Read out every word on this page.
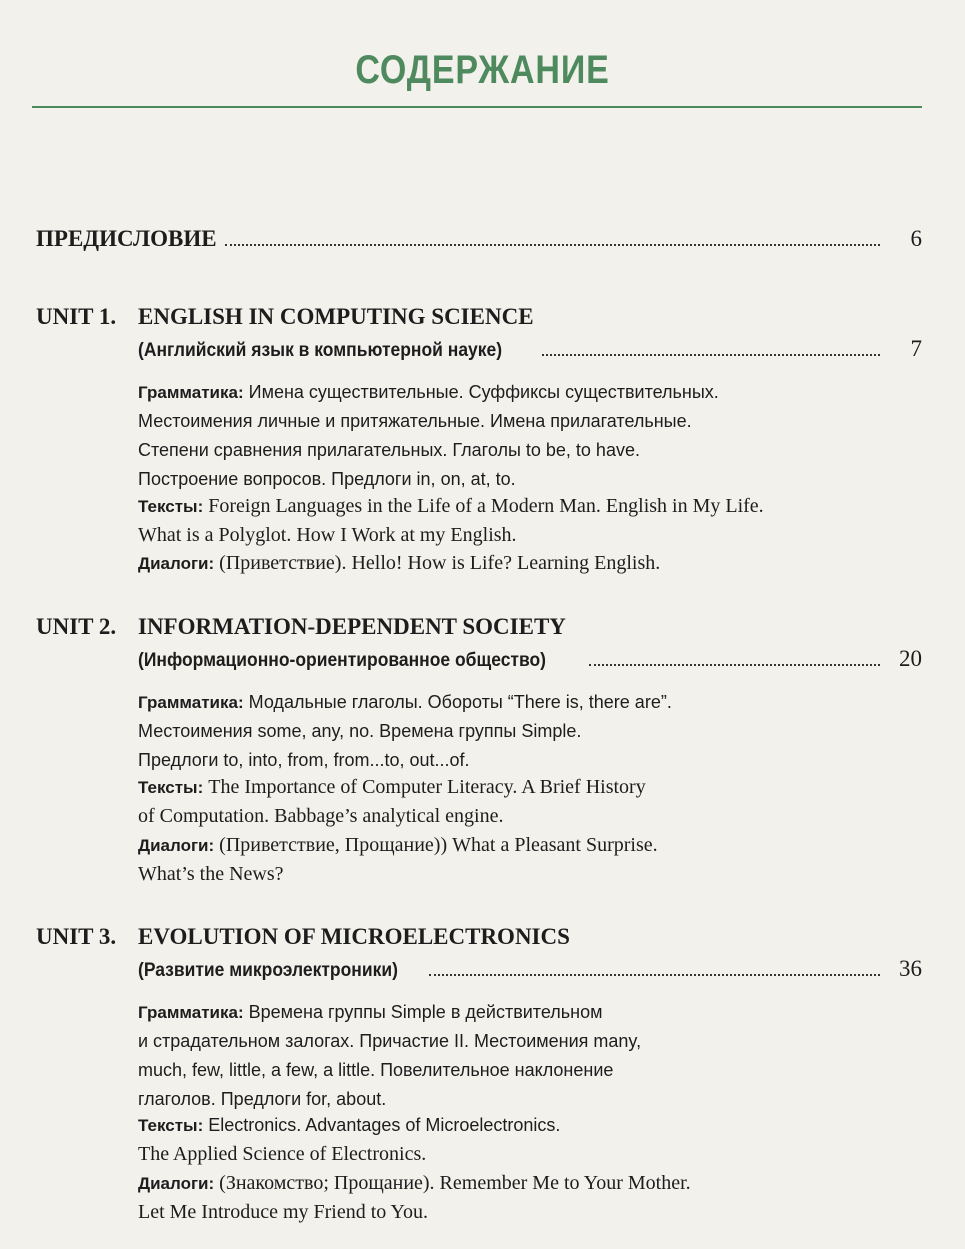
СОДЕРЖАНИЕ
ПРЕДИСЛОВИЕ	6
UNIT 1. ENGLISH IN COMPUTING SCIENCE
(Английский язык в компьютерной науке)	7
Грамматика: Имена существительные. Суффиксы существительных.
Местоимения личные и притяжательные. Имена прилагательные.
Степени сравнения прилагательных. Глаголы to be, to have.
Построение вопросов. Предлоги in, on, at, to.
Тексты: Foreign Languages in the Life of a Modern Man. English in My Life.
What is a Polyglot. How I Work at my English.
Диалоги: (Приветствие). Hello! How is Life? Learning English.
UNIT 2. INFORMATION-DEPENDENT SOCIETY
(Информационно-ориентированное общество)	20
Грамматика: Модальные глаголы. Обороты “There is, there are”.
Местоимения some, any, no. Времена группы Simple.
Предлоги to, into, from, from...to, out...of.
Тексты: The Importance of Computer Literacy. A Brief History
of Computation. Babbage’s analytical engine.
Диалоги: (Приветствие, Прощание)) What a Pleasant Surprise.
What’s the News?
UNIT 3. EVOLUTION OF MICROELECTRONICS
(Развитие микроэлектроники)	36
Грамматика: Времена группы Simple в действительном
и страдательном залогах. Причастие II. Местоимения many,
much, few, little, a few, a little. Повелительное наклонение
глаголов. Предлоги for, about.
Тексты: Electronics. Advantages of Microelectronics.
The Applied Science of Electronics.
Диалоги: (Знакомство; Прощание). Remember Me to Your Mother.
Let Me Introduce my Friend to You.
